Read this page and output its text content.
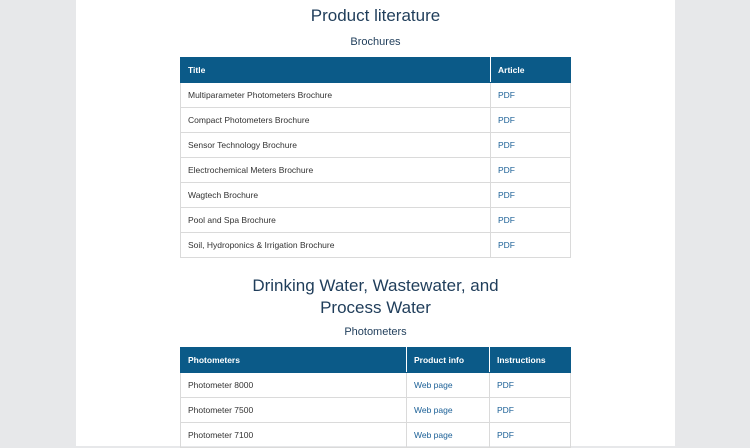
Product literature
Brochures
Title	Article
Multiparameter Photometers Brochure	PDF
Compact Photometers Brochure	PDF
Sensor Technology Brochure	PDF
Electrochemical Meters Brochure	PDF
Wagtech Brochure	PDF
Pool and Spa Brochure	PDF
Soil, Hydroponics & Irrigation Brochure	PDF
Drinking Water, Wastewater, and
Process Water
Photometers
Photometers	Product info	Instructions
Photometer 8000	Web page	PDF
Photometer 7500	Web page	PDF
Photometer 7100	Web page	PDF
